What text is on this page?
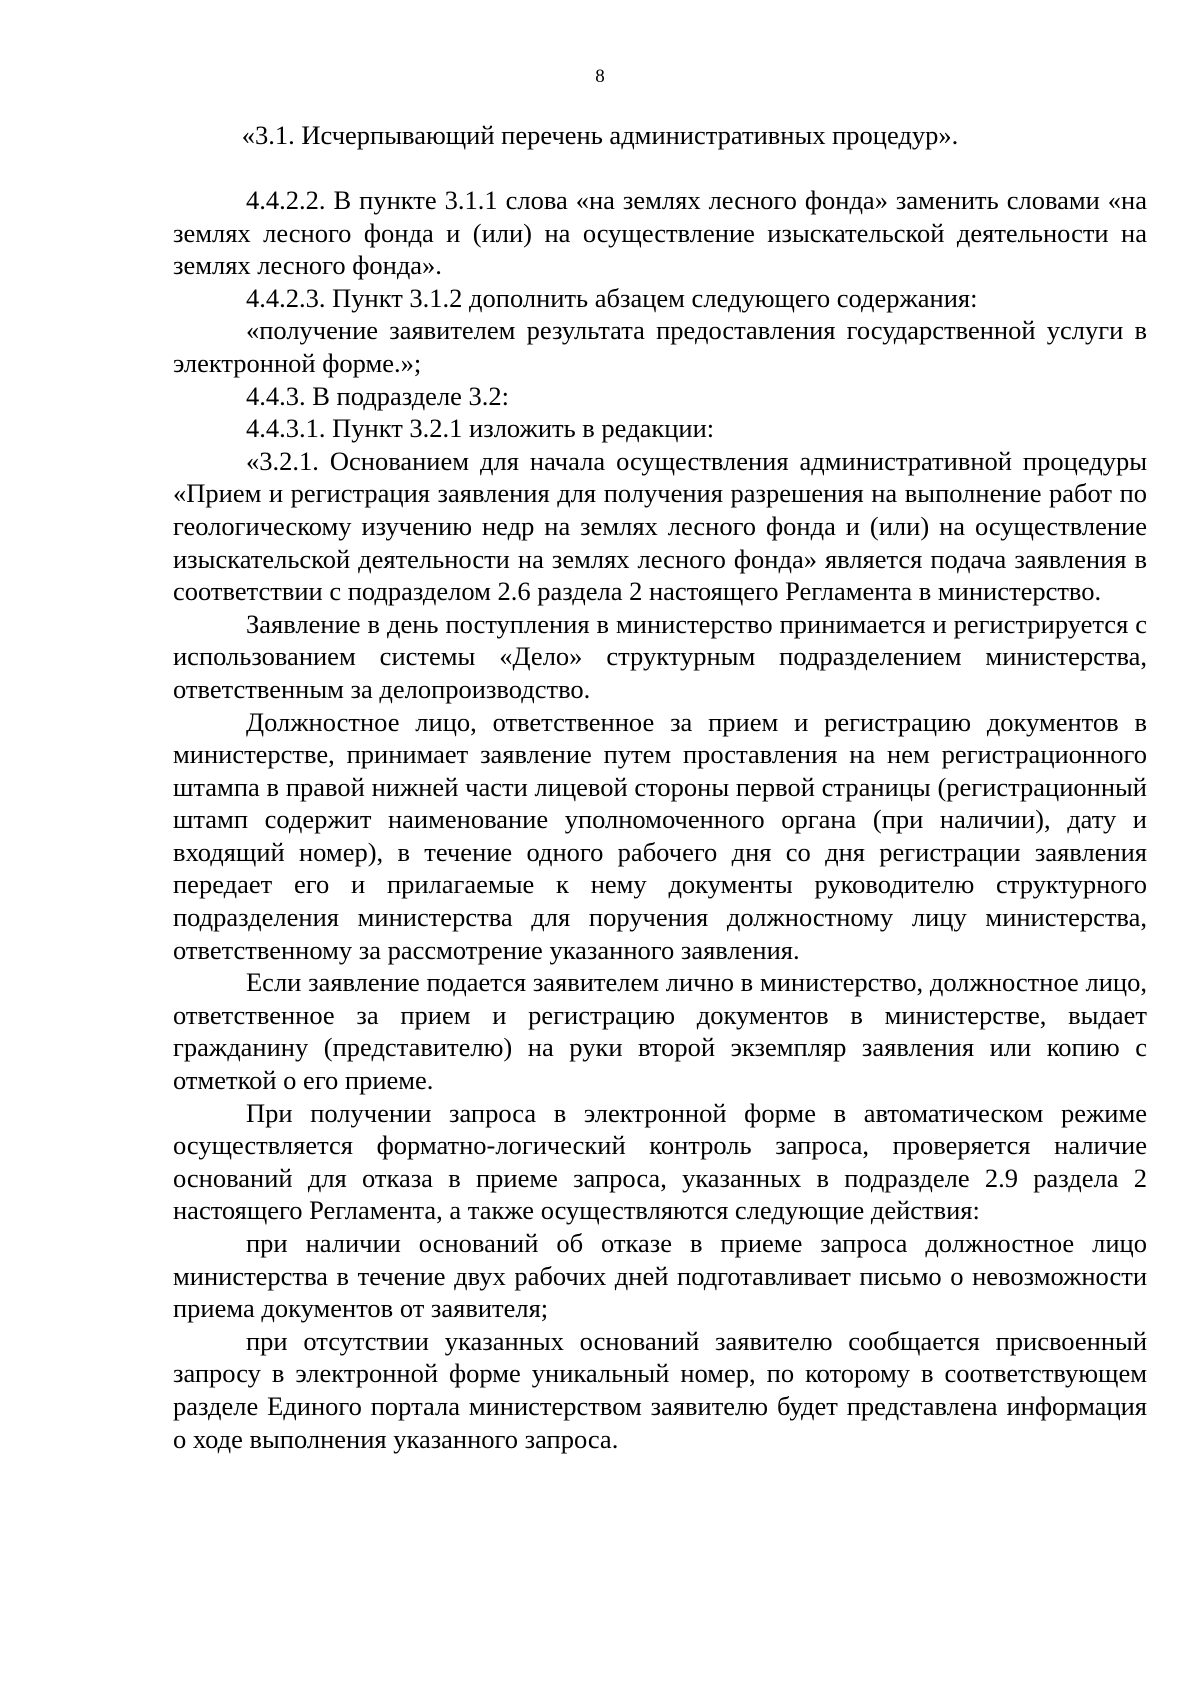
8
«3.1. Исчерпывающий перечень административных процедур».

4.4.2.2. В пункте 3.1.1 слова «на землях лесного фонда» заменить словами «на землях лесного фонда и (или) на осуществление изыскательской деятельности на землях лесного фонда».

4.4.2.3. Пункт 3.1.2 дополнить абзацем следующего содержания:

«получение заявителем результата предоставления государственной услуги в электронной форме.»;

4.4.3. В подразделе 3.2:

4.4.3.1. Пункт 3.2.1 изложить в редакции:

«3.2.1. Основанием для начала осуществления административной процедуры «Прием и регистрация заявления для получения разрешения на выполнение работ по геологическому изучению недр на землях лесного фонда и (или) на осуществление изыскательской деятельности на землях лесного фонда» является подача заявления в соответствии с подразделом 2.6 раздела 2 настоящего Регламента в министерство.

Заявление в день поступления в министерство принимается и регистрируется с использованием системы «Дело» структурным подразделением министерства, ответственным за делопроизводство.

Должностное лицо, ответственное за прием и регистрацию документов в министерстве, принимает заявление путем проставления на нем регистрационного штампа в правой нижней части лицевой стороны первой страницы (регистрационный штамп содержит наименование уполномоченного органа (при наличии), дату и входящий номер), в течение одного рабочего дня со дня регистрации заявления передает его и прилагаемые к нему документы руководителю структурного подразделения министерства для поручения должностному лицу министерства, ответственному за рассмотрение указанного заявления.

Если заявление подается заявителем лично в министерство, должностное лицо, ответственное за прием и регистрацию документов в министерстве, выдает гражданину (представителю) на руки второй экземпляр заявления или копию с отметкой о его приеме.

При получении запроса в электронной форме в автоматическом режиме осуществляется форматно-логический контроль запроса, проверяется наличие оснований для отказа в приеме запроса, указанных в подразделе 2.9 раздела 2 настоящего Регламента, а также осуществляются следующие действия:

при наличии оснований об отказе в приеме запроса должностное лицо министерства в течение двух рабочих дней подготавливает письмо о невозможности приема документов от заявителя;

при отсутствии указанных оснований заявителю сообщается присвоенный запросу в электронной форме уникальный номер, по которому в соответствующем разделе Единого портала министерством заявителю будет представлена информация о ходе выполнения указанного запроса.
